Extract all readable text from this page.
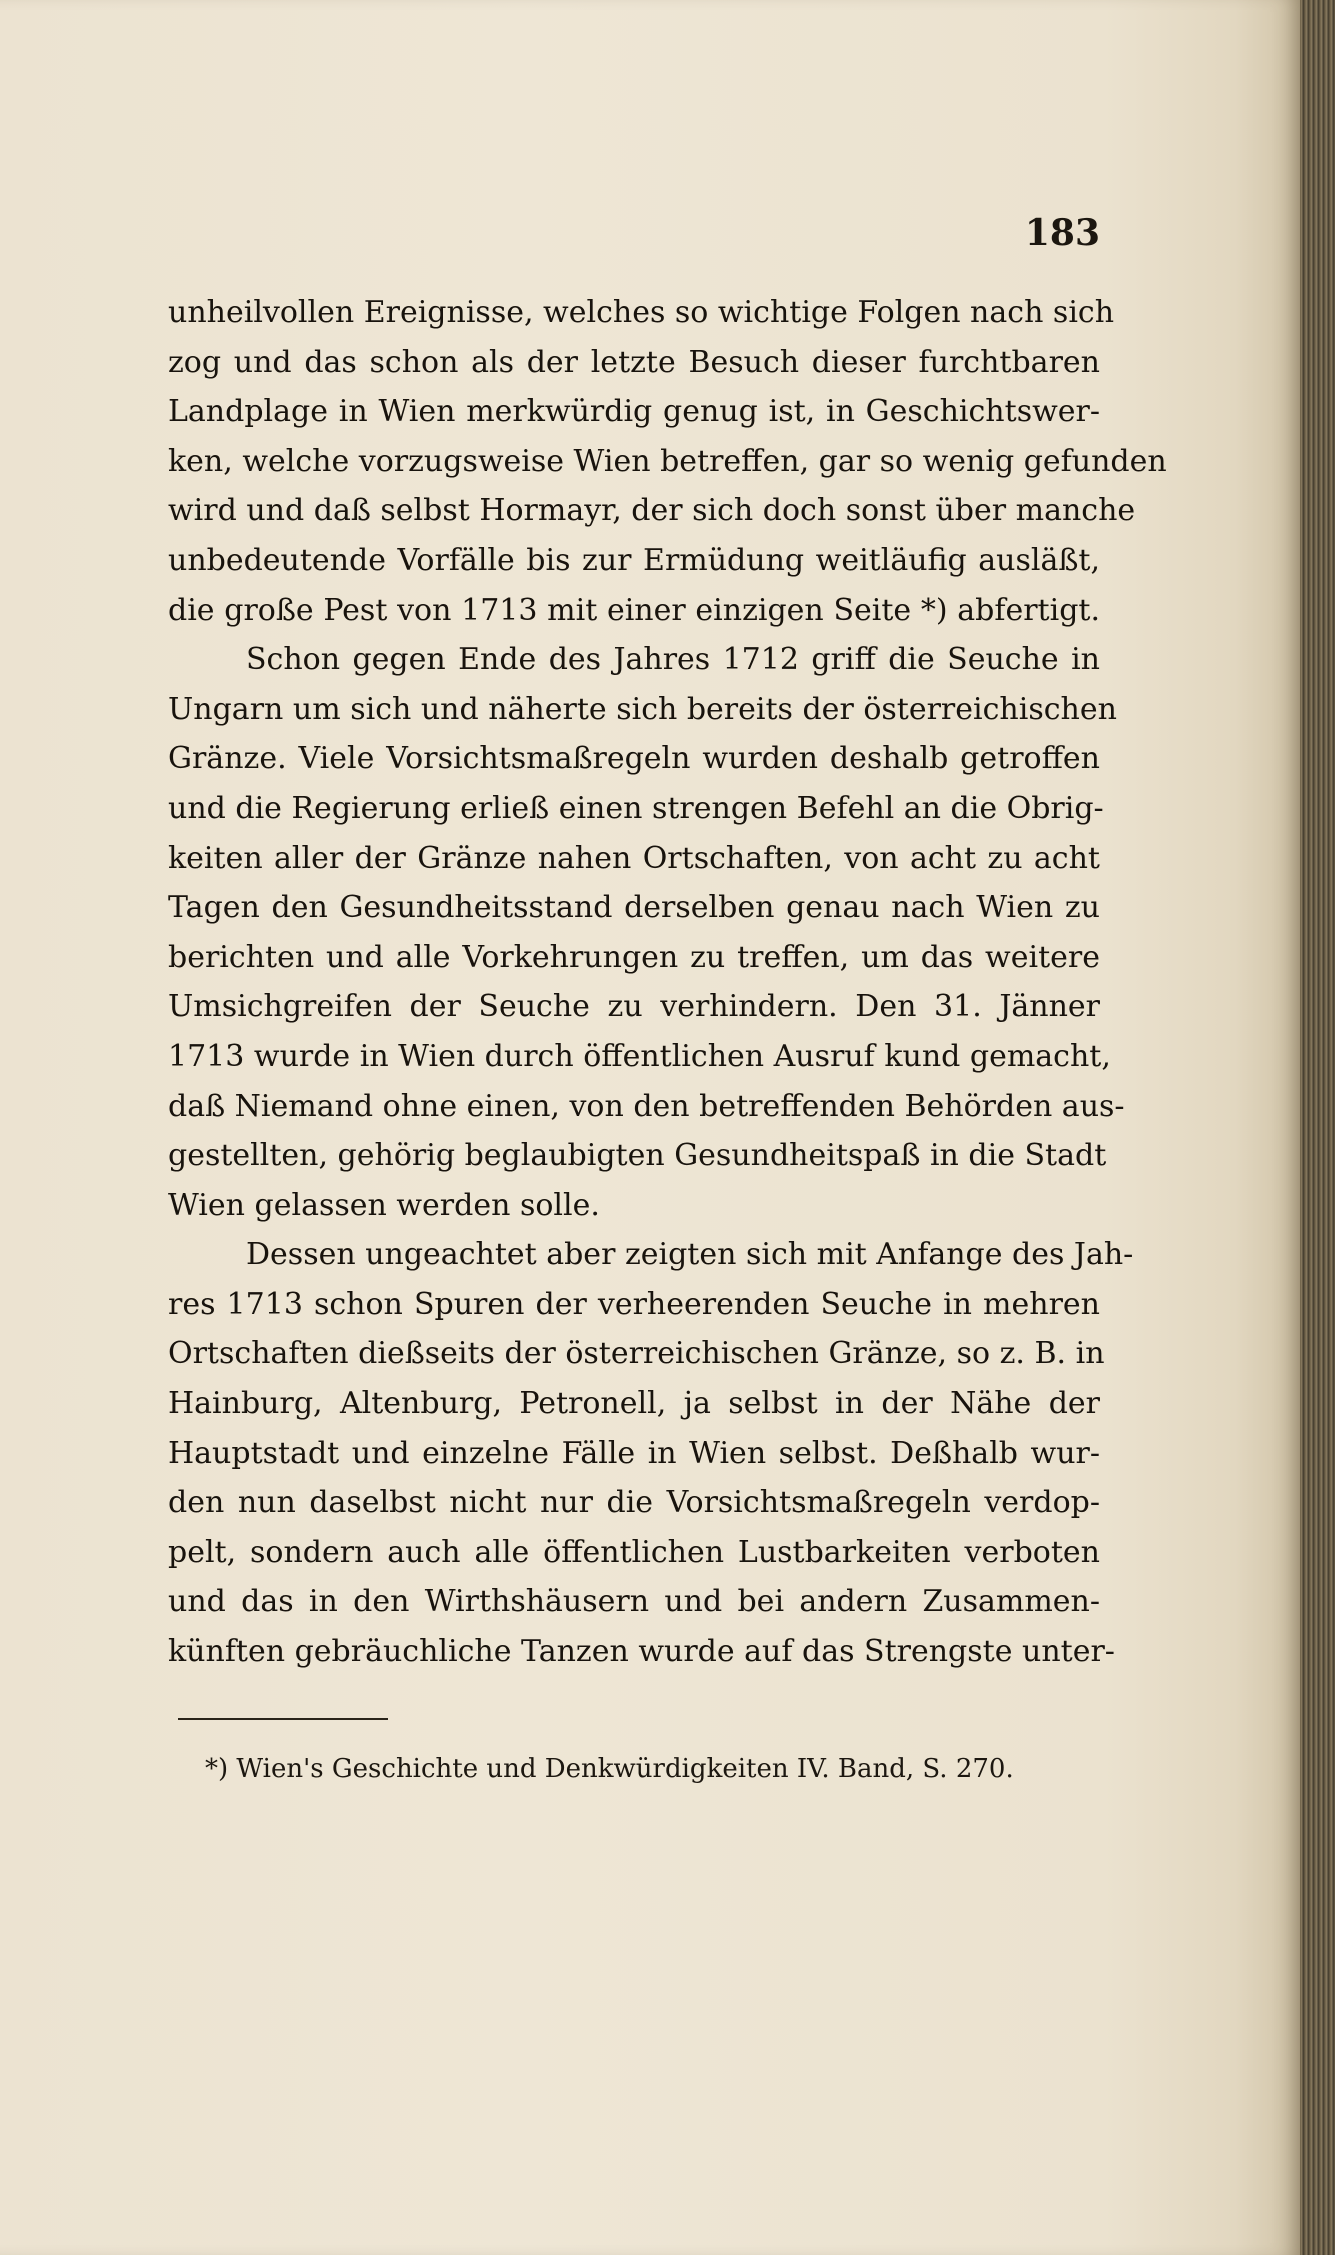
183
unheilvollen Ereignisse, welches so wichtige Folgen nach sich
zog und das schon als der letzte Besuch dieser furchtbaren
Landplage in Wien merkwürdig genug ist, in Geschichtswer-
ken, welche vorzugsweise Wien betreffen, gar so wenig gefunden
wird und daß selbst Hormayr, der sich doch sonst über manche
unbedeutende Vorfälle bis zur Ermüdung weitläufig ausläßt,
die große Pest von 1713 mit einer einzigen Seite *) abfertigt.
Schon gegen Ende des Jahres 1712 griff die Seuche in
Ungarn um sich und näherte sich bereits der österreichischen
Gränze. Viele Vorsichtsmaßregeln wurden deshalb getroffen
und die Regierung erließ einen strengen Befehl an die Obrig-
keiten aller der Gränze nahen Ortschaften, von acht zu acht
Tagen den Gesundheitsstand derselben genau nach Wien zu
berichten und alle Vorkehrungen zu treffen, um das weitere
Umsichgreifen der Seuche zu verhindern. Den 31. Jänner
1713 wurde in Wien durch öffentlichen Ausruf kund gemacht,
daß Niemand ohne einen, von den betreffenden Behörden aus-
gestellten, gehörig beglaubigten Gesundheitspaß in die Stadt
Wien gelassen werden solle.
Dessen ungeachtet aber zeigten sich mit Anfange des Jah-
res 1713 schon Spuren der verheerenden Seuche in mehren
Ortschaften dießseits der österreichischen Gränze, so z. B. in
Hainburg, Altenburg, Petronell, ja selbst in der Nähe der
Hauptstadt und einzelne Fälle in Wien selbst. Deßhalb wur-
den nun daselbst nicht nur die Vorsichtsmaßregeln verdop-
pelt, sondern auch alle öffentlichen Lustbarkeiten verboten
und das in den Wirthshäusern und bei andern Zusammen-
künften gebräuchliche Tanzen wurde auf das Strengste unter-
*) Wien's Geschichte und Denkwürdigkeiten IV. Band, S. 270.
